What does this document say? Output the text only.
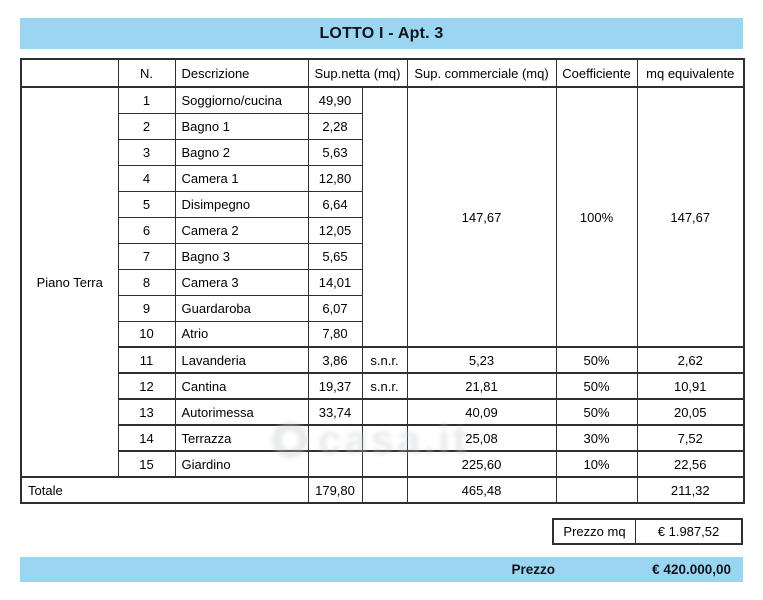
LOTTO I - Apt. 3
	N.	Descrizione	Sup.netta (mq)		Sup. commerciale (mq)	Coefficiente	mq equivalente
Piano Terra	1	Soggiorno/cucina	49,90		147,67	100%	147,67
	2	Bagno 1	2,28				
	3	Bagno 2	5,63				
	4	Camera 1	12,80				
	5	Disimpegno	6,64				
	6	Camera 2	12,05				
	7	Bagno 3	5,65				
	8	Camera 3	14,01				
	9	Guardaroba	6,07				
	10	Atrio	7,80				
	11	Lavanderia	3,86	s.n.r.	5,23	50%	2,62
	12	Cantina	19,37	s.n.r.	21,81	50%	10,91
	13	Autorimessa	33,74		40,09	50%	20,05
	14	Terrazza			25,08	30%	7,52
	15	Giardino			225,60	10%	22,56
Totale			179,80		465,48		211,32
casa.it
Prezzo mq	€ 1.987,52
Prezzo	€ 420.000,00
